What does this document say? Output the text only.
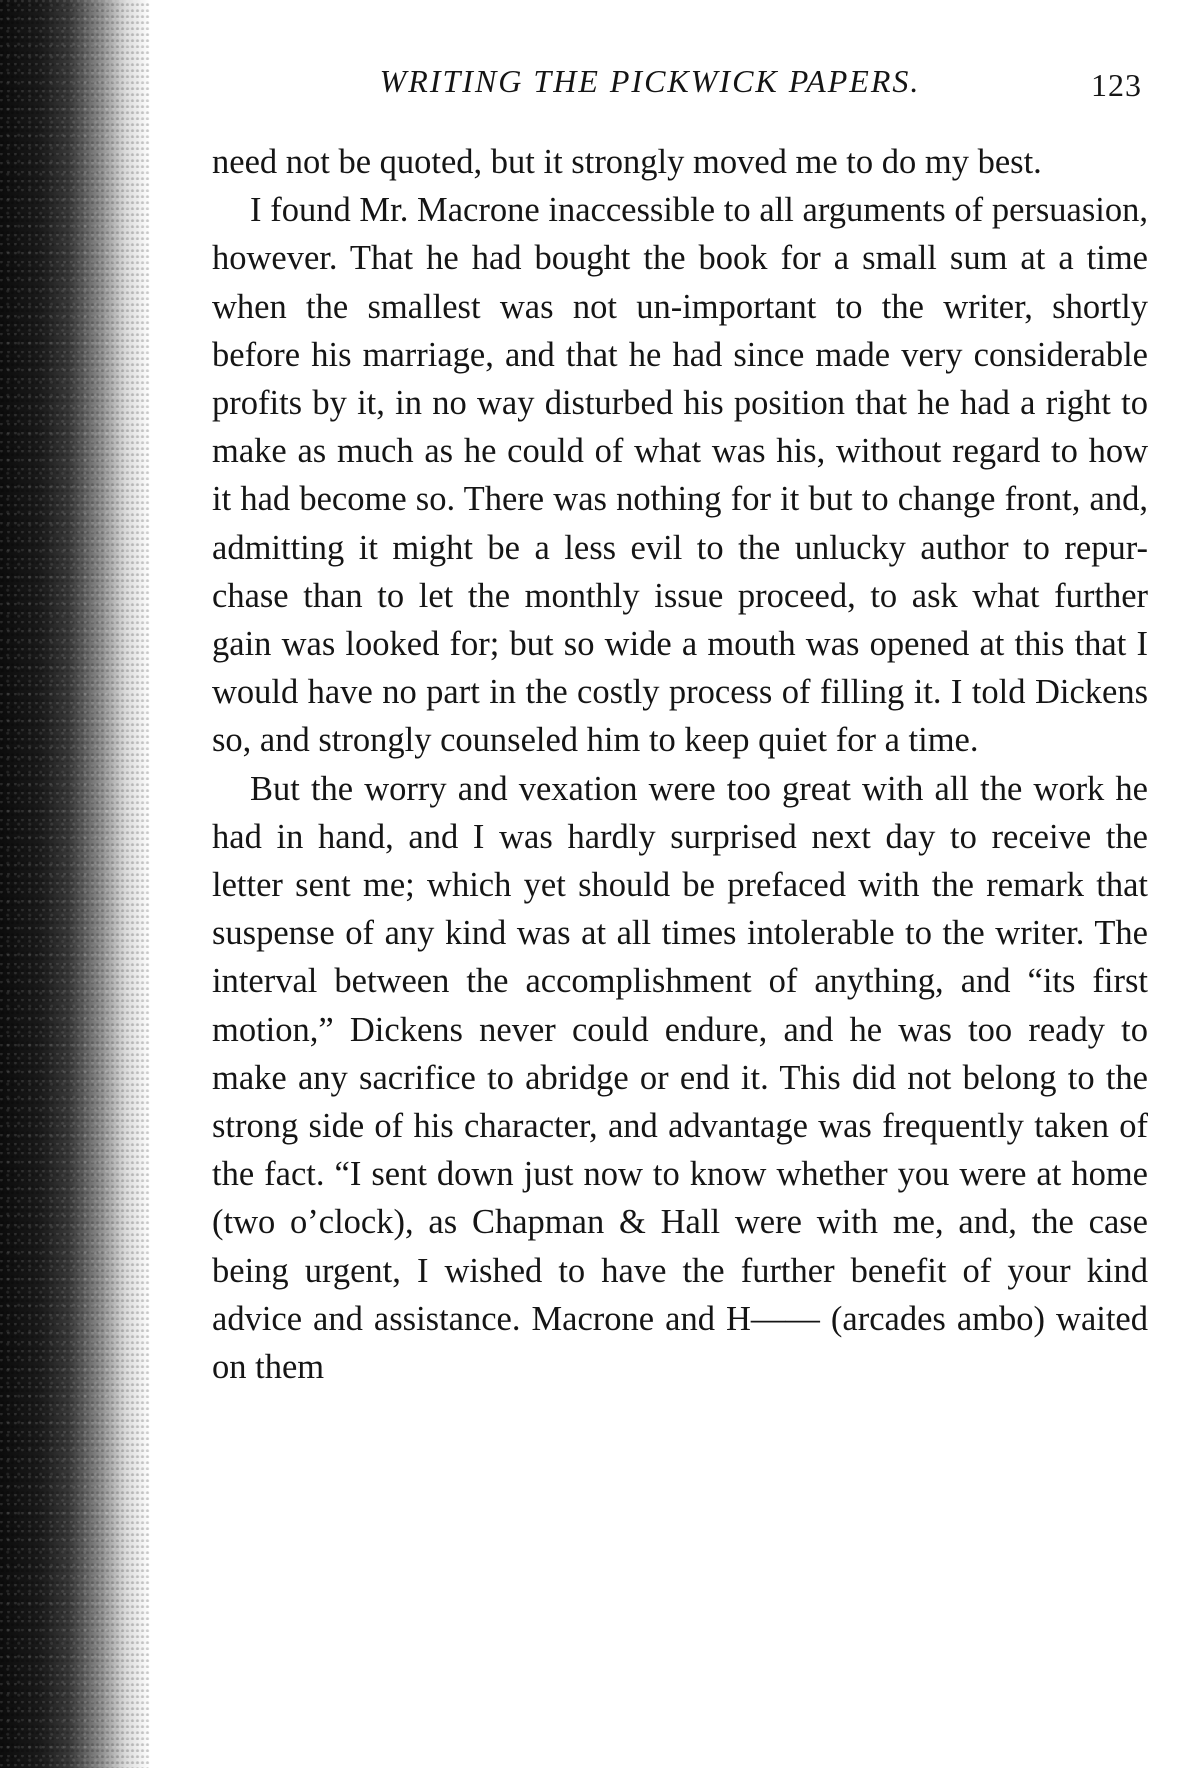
WRITING THE PICKWICK PAPERS.	123

need not be quoted, but it strongly moved me to do my best.

I found Mr. Macrone inaccessible to all arguments of persuasion, however. That he had bought the book for a small sum at a time when the smallest was not un-important to the writer, shortly before his marriage, and that he had since made very considerable profits by it, in no way disturbed his position that he had a right to make as much as he could of what was his, without regard to how it had become so. There was nothing for it but to change front, and, admitting it might be a less evil to the unlucky author to repur-chase than to let the monthly issue proceed, to ask what further gain was looked for; but so wide a mouth was opened at this that I would have no part in the costly process of filling it. I told Dickens so, and strongly counseled him to keep quiet for a time.

But the worry and vexation were too great with all the work he had in hand, and I was hardly surprised next day to receive the letter sent me; which yet should be prefaced with the remark that suspense of any kind was at all times intolerable to the writer. The interval between the accomplishment of anything, and “its first motion,” Dickens never could endure, and he was too ready to make any sacrifice to abridge or end it. This did not belong to the strong side of his character, and advantage was frequently taken of the fact. “I sent down just now to know whether you were at home (two o’clock), as Chapman & Hall were with me, and, the case being urgent, I wished to have the further benefit of your kind advice and assistance. Macrone and H—— (arcades ambo) waited on them
